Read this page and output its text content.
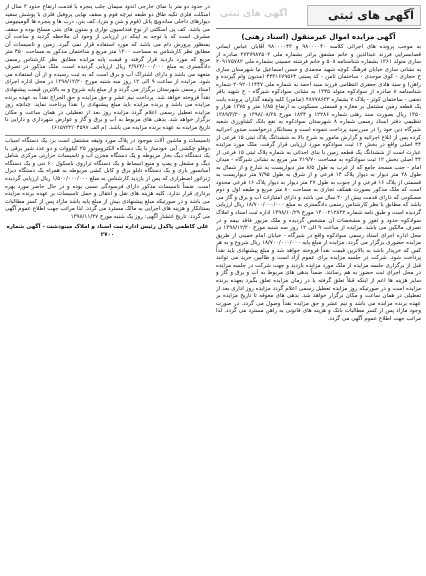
آگهی های ثبتی
آگهی های ثبتی
آگهی مزایده اموال غیرمنقول (اسناد رهنی)

به موجب پرونده های اجرائی کلاسه ۹۸۰۰۰۰۴۰ و ۹۸۰۰۰۰۴۳ آقایان عباس ایمانی قصابسرایی فرزند عبدالدین و خانم مشفق برادر بشماره ملی ۲۷۳۷۹۸۲۵۰۲ صادره از ساری متولد ۱۳۶۱ بشماره شناسنامه ۵۰۸ و خانم فرشته حسینی بشماره ملی ۲۰۹۱۷۵۷۸۲ به نشانی ساری خیابان فرهنگ کوچه شهید محمدی و حسن اسماعیل نیا شهرستان ساری خ حجازی - کوی موحدی - ساختمان ثامن - کد پستی ۴۴۳۱۶۷۹۵۶۴ (مدیون وام گیرنده و راهن) و سید هادی جعفری انتظامی فرزند سید احمد به شماره ملی ۲۰۹۲۰۱۱۴۴۷ شماره شناسنامه ۸ صادره از سوادکوه متولد ۱۳۴۵ به نشانی سوادکوه شیرگاه - خ شهید باقر نجفی - ساختمان کوثر - پلاک ۷ بشماره ۴۸۷۷۸۶۳۳ (ضامن) کلیه وثیقه گذاران پرونده بابت یک قطعه زمین مشتمل بر مغازه و قسمتی مسکونی به ارتفاع ۱/۸۵ متر و ۱۳۷۵ هزار و ۱۳۵۰ ریال بصورت سند رهنی شماره ۱۲۲۸۶ و ۱۸۳۴ مورخ ۱۳۹۸/۰۸/۲۸ و ۱۳۸۹/۳/۲۰ تنظیمی دفتر اسناد رسمی شماره ۸ شهرستان سوادکوه به نفع بانک کشاورزی شعبه شیرگاه دین خود را در سررسید پرداخت ننموده است و بستانکار درخواست صدور اجرائیه کرده پس از ابلاغ اجرائیه و گزارش مامور به شرح بالا به ششدانگ پلاک ثبتی ۱۵ فرعی از ۴۴ اصلی واقع در بخش ۱۲ ثبت سوادکوه مورد ارزیابی قرار گرفت. ملک مورد مزایده عبارت است از ششدانگ یک قطعه زمین با بنای احداثی به شماره پلاک ثبتی ۱۵ فرعی از ۴۴ اصلی بخش ۱۲ ثبت سوادکوه به مساحت ۲۱۹/۷۰ متر مربع به نشانی شیرگاه - میدان امام - جنب مسجد جامع که از غرب به طول ۸/۵ متر دیواریست به شارع و از شمال به طول ۲۸ متر دیوار به دیوار پلاک ۱۴ فرعی و از شرق به طول ۷/۹۵ متر دیواریست به قسمتی از پلاک ۱۶ فرعی و از جنوب به طول ۲۷ متر دیوار به دیوار پلاک ۱۶ فرعی محدود است که ملک مذکور بصورت همکف تجاری به مساحت ۸۰ متر مربع و طبقه اول و دوم مسکونی که دارای قدمت بیش از ۲۰ سال می باشد و دارای امتیازات آب و برق و گاز می باشد که مطابق با نظر کارشناس رسمی دادگستری به مبلغ ۱۸/۷۰۰/۰۰۰/۰۰۰ ریال ارزیابی گردیده است و طبق نامه شماره ۱۴۰۰۲۱۲۸۳۲ مورخ ۱۳۹۸/۱۰/۲۹ اداره ثبت اسناد و املاک سوادکوه حدود و ثغور و مشخصات آن مشخص گردیده و ملک مزبور فاقد بیمه و در تصرف مالکین می باشد. مزایده از ساعت ۹ الی ۱۲ روز سه شنبه مورخ ۱۳۹۸/۱۲/۲۰ در محل اداره اجرای اسناد رسمی سوادکوه واقع در شیرگاه - خیابان امام خمینی از طریق مزایده حضوری برگزار می گردد. مزایده از مبلغ پایه ۱۸/۷۰۰/۰۰۰/۰۰۰ ریال شروع و به هر کس که خریدار باشد به بالاترین قیمت نقداً فروخته خواهد شد و مبلغ پیشنهادی باید نقداً پرداخت شود. شرکت در جلسه مزایده برای عموم آزاد است و طالبین خرید می توانند قبل از برگزاری جلسه مزایده از ملک مورد مزایده بازدید و جهت شرکت در جلسه مزایده در محل اجرای ثبت حضور به هم رسانند. ضمناً بدهی های مربوط به آب و برق و گاز و سایر هزینه ها اعم از اینکه قبلاً تعلق گرفته یا در زمان مزایده تعلق بگیرد بعهده برنده مزایده است و در صورتیکه روز مزایده تعطیل رسمی اعلام گردد مزایده روز اداری بعد از تعطیلی در همان ساعت و مکان برگزار خواهد شد. بدهی های معوقه تا تاریخ مزایده بر عهده برنده مزایده می باشد و نیم عشر و حق مزایده نقداً وصول می گردد. در صورت وجود مازاد پس از کسر مطالبات بانک و هزینه های قانونی به راهن مسترد می گردد. لذا مراتب جهت اطلاع عموم آگهی می گردد.

در حدود دو متر با نمای خارجی اندود سیمان جلب پنجره با قدمت ارتفاع حدود ۳ سال از اسکلت فلزی تکیه طاق دو طبقه تیرچه فوم و سقف نهایی پروفیل فلزی با پوشش سفید دیوارهای داخلی ساندویچ پانل (فوم و شن و بتن)، کف بتن، درب ها و پنجره ها آلومینیومی می باشد. کف پی اسکلتی از نوع فنداسیون نواری و ستون های بتنی مسلح بوده و سقف مشرف است که با توجه به اینکه در ارزیابی از وجود آن ملاحظه گردید و ساخت آن بمنظور پرورش دام می باشد که مورد استفاده قرار نمی گیرد. زمین و تاسیسات آن مطابق نظر کارشناس به مساحت ۱۲۰۰ متر مربع و ساختمان مذکور به مساحت ۴۵۰ متر مربع که مورد بازدید قرار گرفته و قیمت پایه مزایده مطابق نظر کارشناس رسمی دادگستری به مبلغ ۲/۹۶۴/۰۰۰/۰۰۰ ریال ارزیابی گردیده است. ملک مذکور در تصرف متعهد می باشد و دارای اشتراک آب و برق است که به ثبت رسیده و از آن استفاده می شود. مزایده از ساعت ۹ الی ۱۲ روز سه شنبه مورخ ۱۳۹۸/۱۲/۲۰ در محل اداره اجرای اسناد رسمی شهرستان برگزار می گردد و از مبلغ پایه شروع و به بالاترین قیمت پیشنهادی نقداً فروخته خواهد شد. پرداخت نیم عشر و حق مزایده و حق الحراج نقداً به عهده برنده مزایده می باشد و برنده مزایده باید مبلغ پیشنهادی را نقداً پرداخت نماید. چنانچه روز مزایده تعطیل رسمی اعلام گردد مزایده روز بعد از تعطیلی در همان ساعت و مکان برگزار خواهد شد. بدهی های مربوط به آب و برق و گاز و عوارض شهرداری و دارایی تا تاریخ مزایده به عهده برنده مزایده می باشد. (م الف ۶۱۵۷۳۲/۰۴۵۹۷)

تاسیسات و ماشین آلات موجود در پلاک مورد وثیقه مشتمل است بر: یک دستگاه اسیاب دوقلو چکشی آبی خودساز با یک دستگاه الکتروموتور ۲۵ کیلووات و دو عدد شیر برقی با یک دستگاه دیگ بخار مربوطه و یک دستگاه مخزن آب و تاسیسات حرارتی مرکزی شامل دیگ و مشعل و پمپ و منبع انبساط و یک دستگاه ترازوی باسکول ۶۰ تنی و یک دستگاه آسانسور باری و یک دستگاه تابلو برق و کابل کشی مربوطه به همراه یک دستگاه دیزل ژنراتور اضطراری که پس از بازدید کارشناس به مبلغ ۱/۵۰۰/۰۰۰/۰۰۰ ریال ارزیابی گردیده است. ضمناً تاسیسات مذکور دارای فرسودگی نسبی بوده و در حال حاضر مورد بهره برداری قرار ندارد. کلیه هزینه های نقل و انتقال و حمل تاسیسات بر عهده برنده مزایده می باشد و در صورتیکه مبلغ پیشنهادی بیش از مبلغ پایه باشد مازاد پس از کسر مطالبات بستانکار و هزینه های اجرایی به مالک مسترد می گردد. لذا مراتب جهت اطلاع عموم آگهی می گردد. تاریخ انتشار آگهی: روز یک شنبه مورخ ۱۳۹۸/۱۱/۲۷

علی کاظمی پاکدل رئیس اداره ثبت اسناد و املاک مینودشت - آگهی شماره ۲۷۰۰
